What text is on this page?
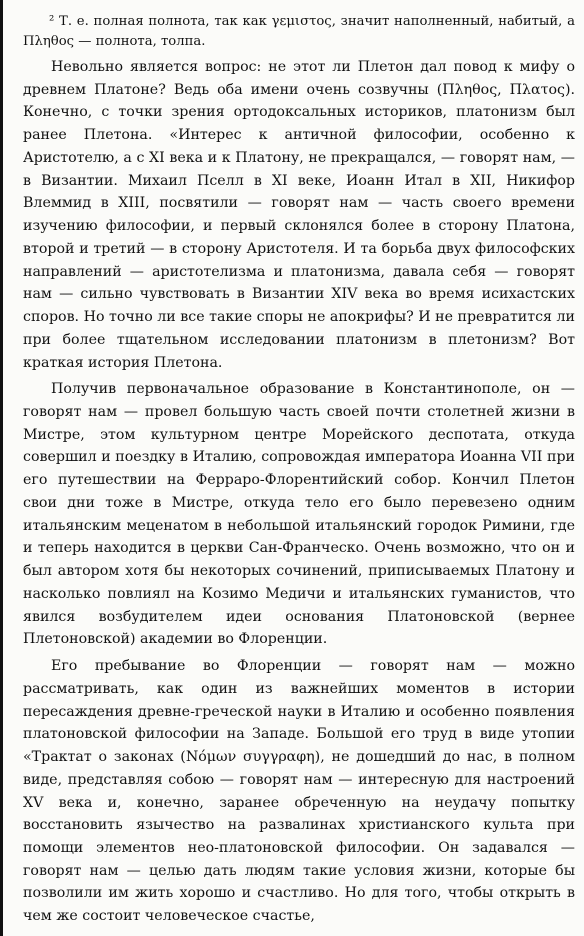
² Т. е. полная полнота, так как γεμιστος, значит наполненный, набитый, а Πληθος — полнота, толпа.

Невольно является вопрос: не этот ли Плетон дал повод к мифу о древнем Платоне? Ведь оба имени очень созвучны (Πληθος, Πλατος). Конечно, с точки зрения ортодоксальных историков, платонизм был ранее Плетона. «Интерес к античной философии, особенно к Аристотелю, а с XI века и к Платону, не прекращался, — говорят нам, — в Византии. Михаил Пселл в XI веке, Иоанн Итал в XII, Никифор Влеммид в XIII, посвятили — говорят нам — часть своего времени изучению философии, и первый склонялся более в сторону Платона, второй и третий — в сторону Аристотеля. И та борьба двух философских направлений — аристотелизма и платонизма, давала себя — говорят нам — сильно чувствовать в Византии XIV века во время исихастских споров. Но точно ли все такие споры не апокрифы? И не превратится ли при более тщательном исследовании платонизм в плетонизм? Вот краткая история Плетона.

Получив первоначальное образование в Константинополе, он — говорят нам — провел большую часть своей почти столетней жизни в Мистре, этом культурном центре Морейского деспотата, откуда совершил и поездку в Италию, сопровождая императора Иоанна VII при его путешествии на Ферраро-Флорентийский собор. Кончил Плетон свои дни тоже в Мистре, откуда тело его было перевезено одним итальянским меценатом в небольшой итальянский городок Римини, где и теперь находится в церкви Сан-Франческо. Очень возможно, что он и был автором хотя бы некоторых сочинений, приписываемых Платону и насколько повлиял на Козимо Медичи и итальянских гуманистов, что явился возбудителем идеи основания Платоновской (вернее Плетоновской) академии во Флоренции.

Его пребывание во Флоренции — говорят нам — можно рассматривать, как один из важнейших моментов в истории пересаждения древне-греческой науки в Италию и особенно появления платоновской философии на Западе. Большой его труд в виде утопии «Трактат о законах (Νόμων συγγραφη), не дошедший до нас, в полном виде, представляя собою — говорят нам — интересную для настроений XV века и, конечно, заранее обреченную на неудачу попытку восстановить язычество на развалинах христианского культа при помощи элементов нео-платоновской философии. Он задавался — говорят нам — целью дать людям такие условия жизни, которые бы позволили им жить хорошо и счастливо. Но для того, чтобы открыть в чем же состоит человеческое счастье,
